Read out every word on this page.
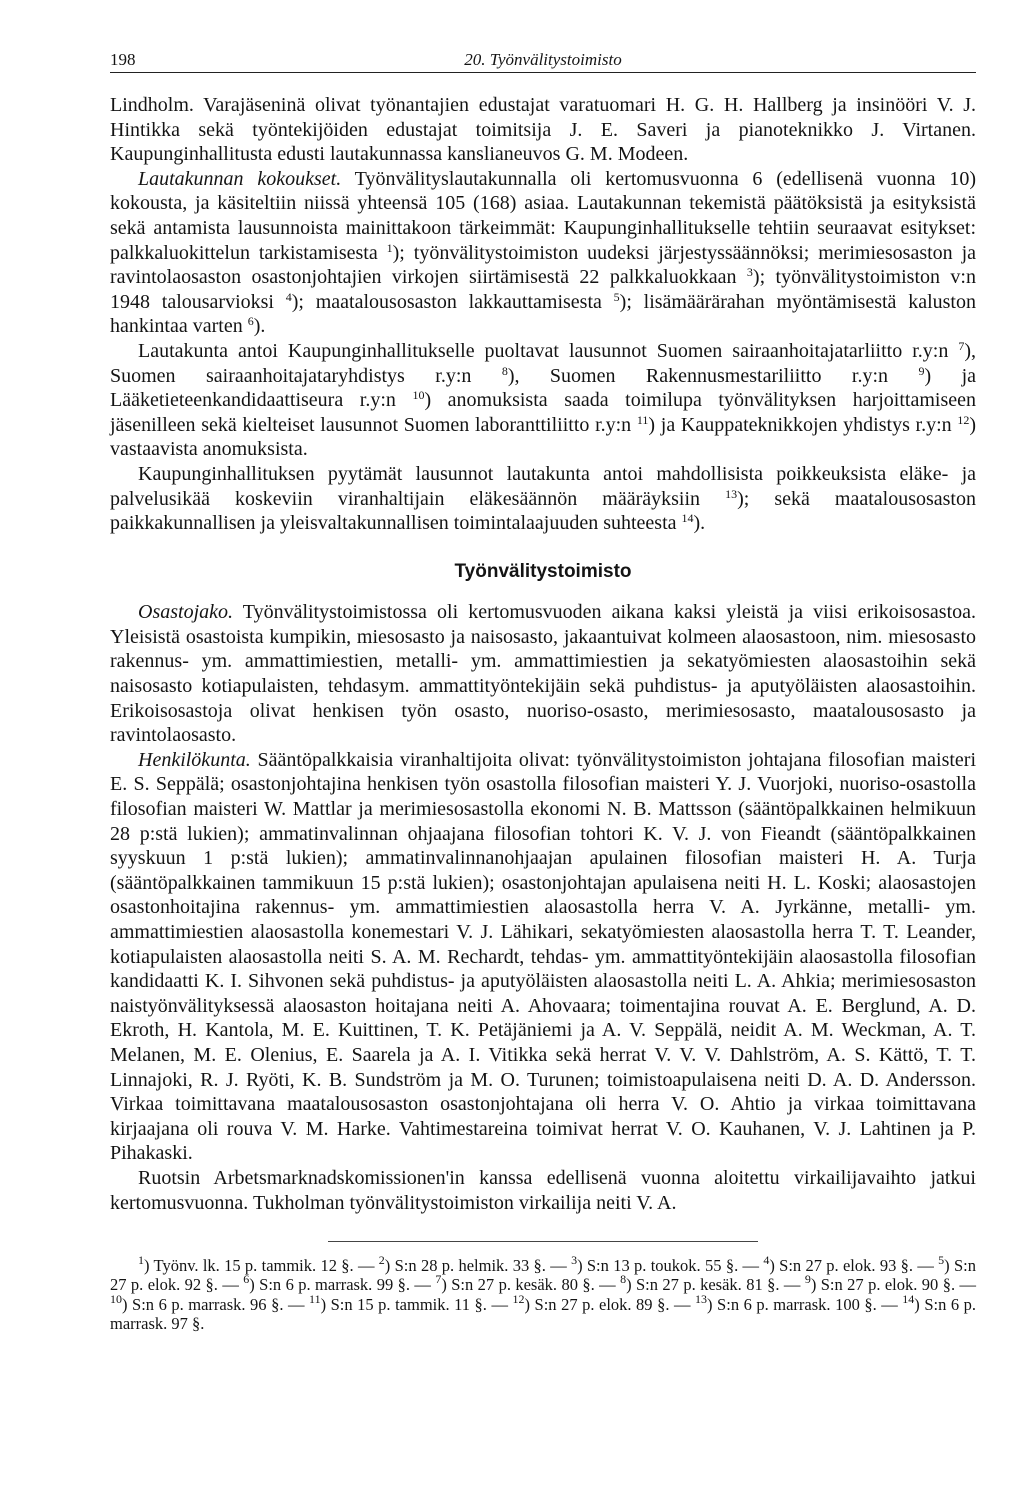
198	20. Työnvälitystoimisto

Lindholm. Varajäseninä olivat työnantajien edustajat varatuomari H. G. H. Hallberg ja insinööri V. J. Hintikka sekä työntekijöiden edustajat toimitsija J. E. Saveri ja pianoteknikko J. Virtanen. Kaupunginhallitusta edusti lautakunnassa kanslianeuvos G. M. Modeen.

Lautakunnan kokoukset. Työnvälityslautakunnalla oli kertomusvuonna 6 (edellisenä vuonna 10) kokousta, ja käsiteltiin niissä yhteensä 105 (168) asiaa. Lautakunnan tekemistä päätöksistä ja esityksistä sekä antamista lausunnoista mainittakoon tärkeimmät: Kaupunginhallitukselle tehtiin seuraavat esitykset: palkkaluokittelun tarkistamisesta $^1$); työnvälitystoimiston uudeksi järjestyssäännöksi; merimiesosaston ja ravintolaosaston osastonjohtajien virkojen siirtämisestä 22 palkkaluokkaan $^3$); työnvälitystoimiston v:n 1948 talousarvioksi $^4$); maatalousosaston lakkauttamisesta $^5$); lisämäärärahan myöntämisestä kaluston hankintaa varten $^6$).

Lautakunta antoi Kaupunginhallitukselle puoltavat lausunnot Suomen sairaanhoitajatarliitto r.y:n $^7$), Suomen sairaanhoitajataryhdistys r.y:n $^8$), Suomen Rakennusmestariliitto r.y:n $^9$) ja Lääketieteenkandidaattiseura r.y:n $^{10}$) anomuksista saada toimilupa työnvälityksen harjoittamiseen jäsenilleen sekä kielteiset lausunnot Suomen laboranttiliitto r.y:n $^{11}$) ja Kauppateknikkojen yhdistys r.y:n $^{12}$) vastaavista anomuksista.

Kaupunginhallituksen pyytämät lausunnot lautakunta antoi mahdollisista poikkeuksista eläke- ja palvelusikää koskeviin viranhaltijain eläkesäännön määräyksiin $^{13}$); sekä maatalousosaston paikkakunnallisen ja yleisvaltakunnallisen toimintalaajuuden suhteesta $^{14}$).

Työnvälitystoimisto

Osastojako. Työnvälitystoimistossa oli kertomusvuoden aikana kaksi yleistä ja viisi erikoisosastoa. Yleisistä osastoista kumpikin, miesosasto ja naisosasto, jakaantuivat kolmeen alaosastoon, nim. miesosasto rakennus- ym. ammattimiestien, metalli- ym. ammattimiestien ja sekatyömiesten alaosastoihin sekä naisosasto kotiapulaisten, tehdasym. ammattityöntekijäin sekä puhdistus- ja aputyöläisten alaosastoihin. Erikoisosastoja olivat henkisen työn osasto, nuoriso-osasto, merimiesosasto, maatalousosasto ja ravintolaosasto.

Henkilökunta. Sääntöpalkkaisia viranhaltijoita olivat: työnvälitystoimiston johtajana filosofian maisteri E. S. Seppälä; osastonjohtajina henkisen työn osastolla filosofian maisteri Y. J. Vuorjoki, nuoriso-osastolla filosofian maisteri W. Mattlar ja merimiesosastolla ekonomi N. B. Mattsson (sääntöpalkkainen helmikuun 28 p:stä lukien); ammatinvalinnan ohjaajana filosofian tohtori K. V. J. von Fieandt (sääntöpalkkainen syyskuun 1 p:stä lukien); ammatinvalinnanohjaajan apulainen filosofian maisteri H. A. Turja (sääntöpalkkainen tammikuun 15 p:stä lukien); osastonjohtajan apulaisena neiti H. L. Koski; alaosastojen osastonhoitajina rakennus- ym. ammattimiestien alaosastolla herra V. A. Jyrkänne, metalli- ym. ammattimiestien alaosastolla konemestari V. J. Lähikari, sekatyömiesten alaosastolla herra T. T. Leander, kotiapulaisten alaosastolla neiti S. A. M. Rechardt, tehdas- ym. ammattityöntekijäin alaosastolla filosofian kandidaatti K. I. Sihvonen sekä puhdistus- ja aputyöläisten alaosastolla neiti L. A. Ahkia; merimiesosaston naistyönvälityksessä alaosaston hoitajana neiti A. Ahovaara; toimentajina rouvat A. E. Berglund, A. D. Ekroth, H. Kantola, M. E. Kuittinen, T. K. Petäjäniemi ja A. V. Seppälä, neidit A. M. Weckman, A. T. Melanen, M. E. Olenius, E. Saarela ja A. I. Vitikka sekä herrat V. V. V. Dahlström, A. S. Kättö, T. T. Linnajoki, R. J. Ryöti, K. B. Sundström ja M. O. Turunen; toimistoapulaisena neiti D. A. D. Andersson. Virkaa toimittavana maatalousosaston osastonjohtajana oli herra V. O. Ahtio ja virkaa toimittavana kirjaajana oli rouva V. M. Harke. Vahtimestareina toimivat herrat V. O. Kauhanen, V. J. Lahtinen ja P. Pihakaski.

Ruotsin Arbetsmarknadskomissionen'in kanssa edellisenä vuonna aloitettu virkailijavaihto jatkui kertomusvuonna. Tukholman työnvälitystoimiston virkailija neiti V. A.

$^1$) Työnv. lk. 15 p. tammik. 12 §. — $^2$) S:n 28 p. helmik. 33 §. — $^3$) S:n 13 p. toukok. 55 §. — $^4$) S:n 27 p. elok. 93 §. — $^5$) S:n 27 p. elok. 92 §. — $^6$) S:n 6 p. marrask. 99 §. — $^7$) S:n 27 p. kesäk. 80 §. — $^8$) S:n 27 p. kesäk. 81 §. — $^9$) S:n 27 p. elok. 90 §. — $^{10}$) S:n 6 p. marrask. 96 §. — $^{11}$) S:n 15 p. tammik. 11 §. — $^{12}$) S:n 27 p. elok. 89 §. — $^{13}$) S:n 6 p. marrask. 100 §. — $^{14}$) S:n 6 p. marrask. 97 §.
